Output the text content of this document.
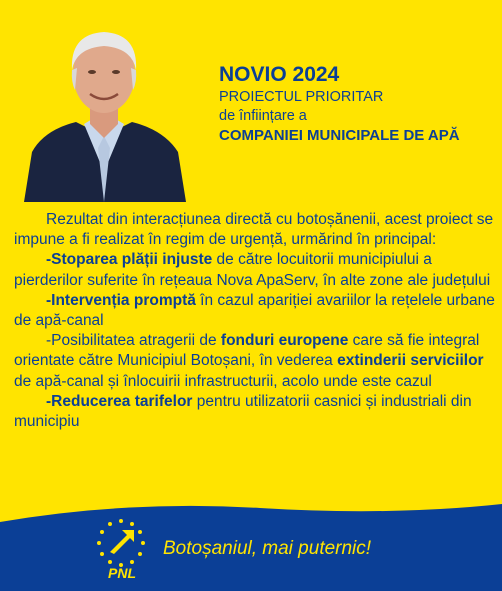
NOVIO 2024
PROIECTUL PRIORITAR
de înființare a
COMPANIEI MUNICIPALE DE APĂ

Rezultat din interacțiunea directă cu botoșănenii, acest proiect se impune a fi realizat în regim de urgență, urmărind în principal:

-Stoparea plății injuste de către locuitorii municipiului a pierderilor suferite în rețeaua Nova ApaServ, în alte zone ale județului

-Intervenția promptă în cazul apariției avariilor la rețelele urbane de apă-canal

-Posibilitatea atragerii de fonduri europene care să fie integral orientate către Municipiul Botoșani, în vederea extinderii serviciilor de apă-canal și înlocuirii infrastructurii, acolo unde este cazul

-Reducerea tarifelor pentru utilizatorii casnici și industriali din municipiu

PNL
Botoșaniul, mai puternic!
